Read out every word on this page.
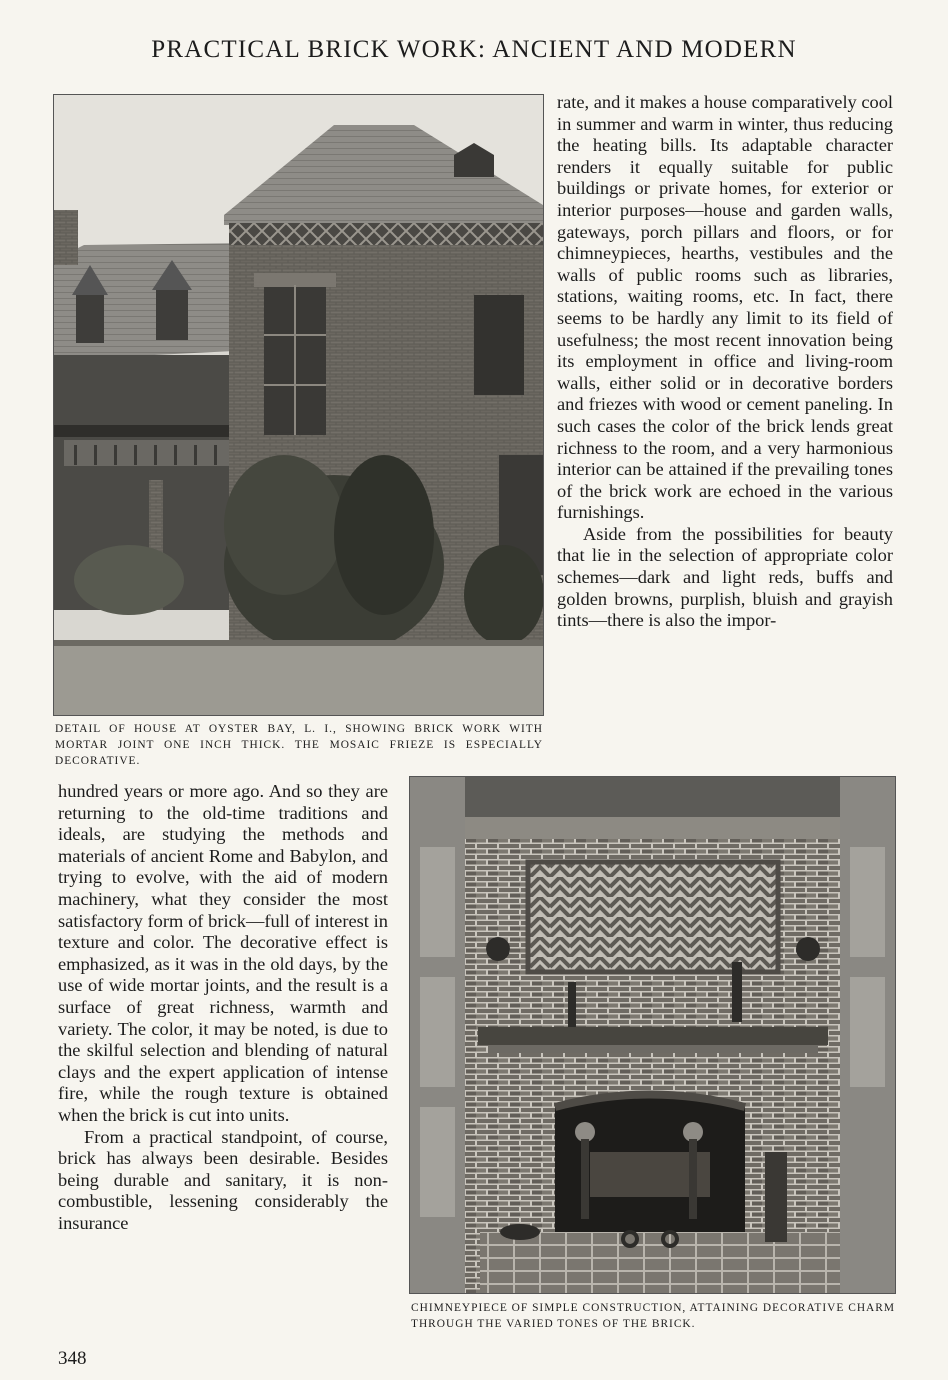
PRACTICAL BRICK WORK: ANCIENT AND MODERN

DETAIL OF HOUSE AT OYSTER BAY, L. I., SHOWING BRICK WORK WITH MORTAR JOINT ONE INCH THICK. THE MOSAIC FRIEZE IS ESPECIALLY DECORATIVE.

rate, and it makes a house comparatively cool in summer and warm in winter, thus reducing the heating bills. Its adaptable character renders it equally suitable for public buildings or private homes, for exterior or interior purposes—house and garden walls, gateways, porch pillars and floors, or for chimneypieces, hearths, vestibules and the walls of public rooms such as libraries, stations, waiting rooms, etc. In fact, there seems to be hardly any limit to its field of usefulness; the most recent innovation being its employment in office and living-room walls, either solid or in decorative borders and friezes with wood or cement paneling. In such cases the color of the brick lends great richness to the room, and a very harmonious interior can be attained if the prevailing tones of the brick work are echoed in the various furnishings.

Aside from the possibilities for beauty that lie in the selection of appropriate color schemes—dark and light reds, buffs and golden browns, purplish, bluish and grayish tints—there is also the impor-

hundred years or more ago. And so they are returning to the old-time traditions and ideals, are studying the methods and materials of ancient Rome and Babylon, and trying to evolve, with the aid of modern machinery, what they consider the most satisfactory form of brick—full of interest in texture and color. The decorative effect is emphasized, as it was in the old days, by the use of wide mortar joints, and the result is a surface of great richness, warmth and variety. The color, it may be noted, is due to the skilful selection and blending of natural clays and the expert application of intense fire, while the rough texture is obtained when the brick is cut into units.

From a practical standpoint, of course, brick has always been desirable. Besides being durable and sanitary, it is non-combustible, lessening considerably the insurance

CHIMNEYPIECE OF SIMPLE CONSTRUCTION, ATTAINING DECORATIVE CHARM THROUGH THE VARIED TONES OF THE BRICK.

348
